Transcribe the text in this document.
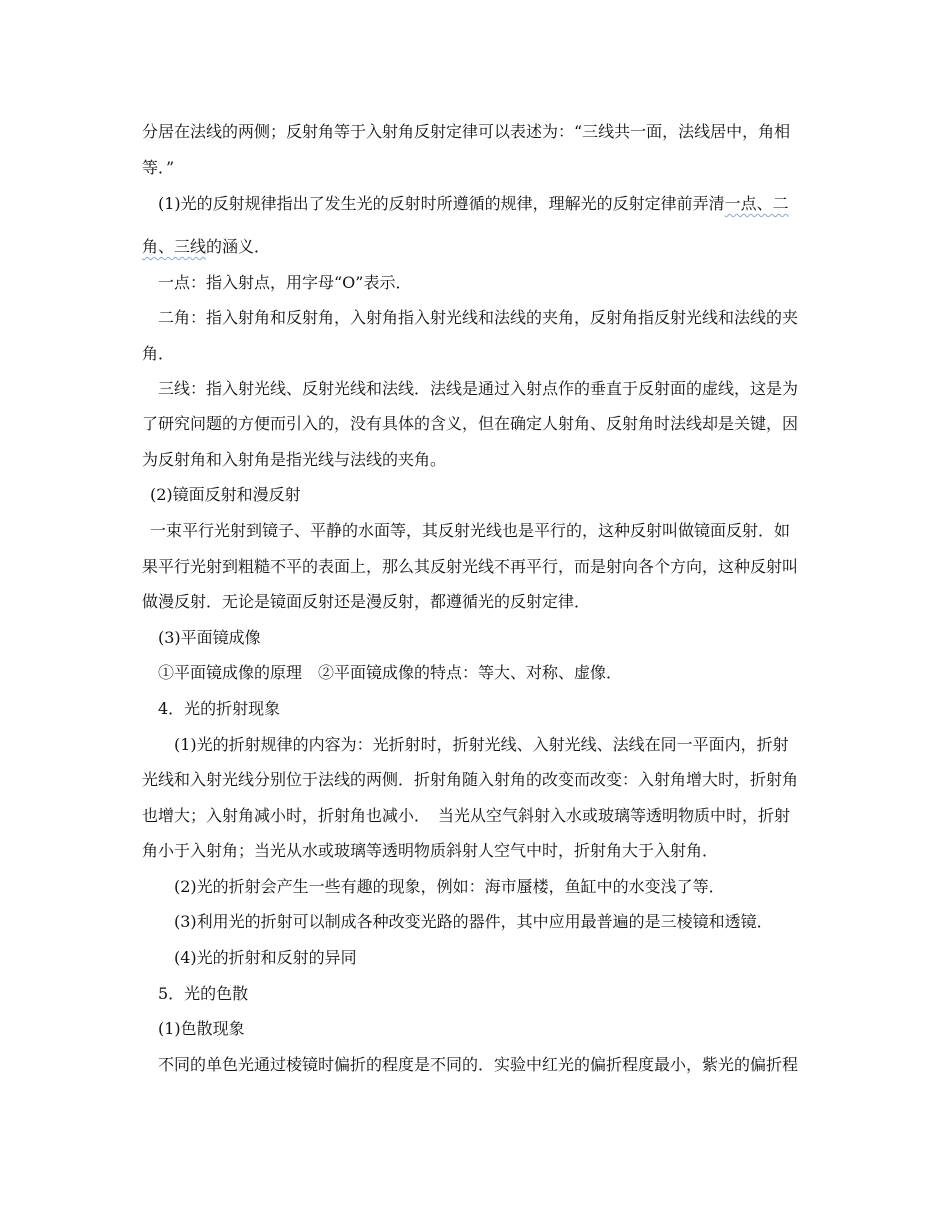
分居在法线的两侧；反射角等于入射角反射定律可以表述为：“三线共一面，法线居中，角相
等．”
(1)光的反射规律指出了发生光的反射时所遵循的规律，理解光的反射定律前弄清一点、二
角、三线的涵义．
一点：指入射点，用字母“O”表示．
二角：指入射角和反射角，入射角指入射光线和法线的夹角，反射角指反射光线和法线的夹
角．
三线：指入射光线、反射光线和法线．法线是通过入射点作的垂直于反射面的虚线，这是为
了研究问题的方便而引入的，没有具体的含义，但在确定人射角、反射角时法线却是关键，因
为反射角和入射角是指光线与法线的夹角。
(2)镜面反射和漫反射
一束平行光射到镜子、平静的水面等，其反射光线也是平行的，这种反射叫做镜面反射．如
果平行光射到粗糙不平的表面上，那么其反射光线不再平行，而是射向各个方向，这种反射叫
做漫反射．无论是镜面反射还是漫反射，都遵循光的反射定律．
(3)平面镜成像
①平面镜成像的原理　②平面镜成像的特点：等大、对称、虚像．
4．光的折射现象
(1)光的折射规律的内容为：光折射时，折射光线、入射光线、法线在同一平面内，折射
光线和入射光线分别位于法线的两侧．折射角随入射角的改变而改变：入射角增大时，折射角
也增大；入射角减小时，折射角也减小．　当光从空气斜射入水或玻璃等透明物质中时，折射
角小于入射角；当光从水或玻璃等透明物质斜射人空气中时，折射角大于入射角．
(2)光的折射会产生一些有趣的现象，例如：海市蜃楼，鱼缸中的水变浅了等．
(3)利用光的折射可以制成各种改变光路的器件，其中应用最普遍的是三棱镜和透镜．
(4)光的折射和反射的异同
5．光的色散
(1)色散现象
不同的单色光通过棱镜时偏折的程度是不同的．实验中红光的偏折程度最小，紫光的偏折程
